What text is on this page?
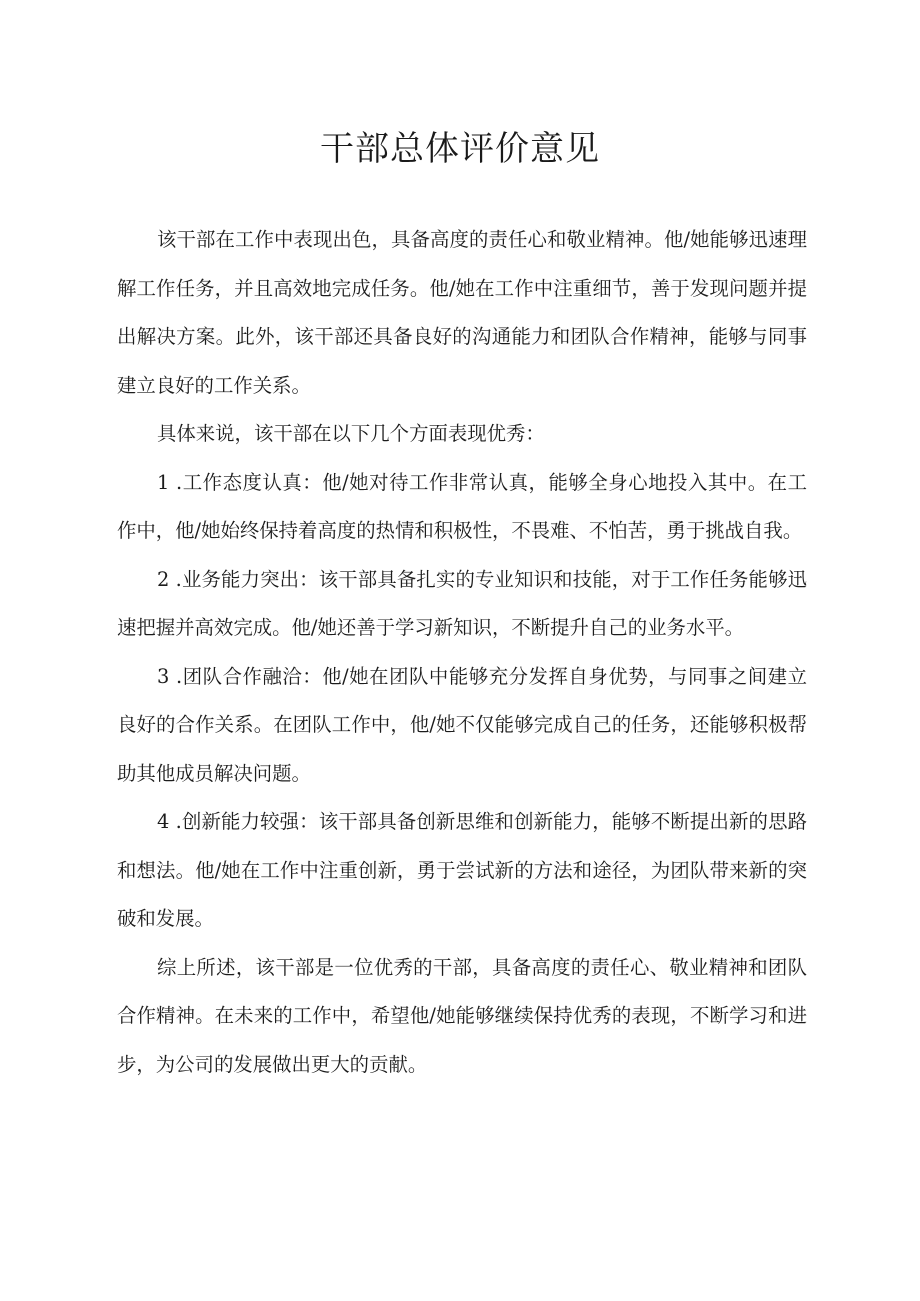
干部总体评价意见

该干部在工作中表现出色，具备高度的责任心和敬业精神。他/她能够迅速理解工作任务，并且高效地完成任务。他/她在工作中注重细节，善于发现问题并提出解决方案。此外，该干部还具备良好的沟通能力和团队合作精神，能够与同事建立良好的工作关系。

具体来说，该干部在以下几个方面表现优秀：

1 .工作态度认真：他/她对待工作非常认真，能够全身心地投入其中。在工作中，他/她始终保持着高度的热情和积极性，不畏难、不怕苦，勇于挑战自我。

2 .业务能力突出：该干部具备扎实的专业知识和技能，对于工作任务能够迅速把握并高效完成。他/她还善于学习新知识，不断提升自己的业务水平。

3 .团队合作融洽：他/她在团队中能够充分发挥自身优势，与同事之间建立良好的合作关系。在团队工作中，他/她不仅能够完成自己的任务，还能够积极帮助其他成员解决问题。

4 .创新能力较强：该干部具备创新思维和创新能力，能够不断提出新的思路和想法。他/她在工作中注重创新，勇于尝试新的方法和途径，为团队带来新的突破和发展。

综上所述，该干部是一位优秀的干部，具备高度的责任心、敬业精神和团队合作精神。在未来的工作中，希望他/她能够继续保持优秀的表现，不断学习和进步，为公司的发展做出更大的贡献。
